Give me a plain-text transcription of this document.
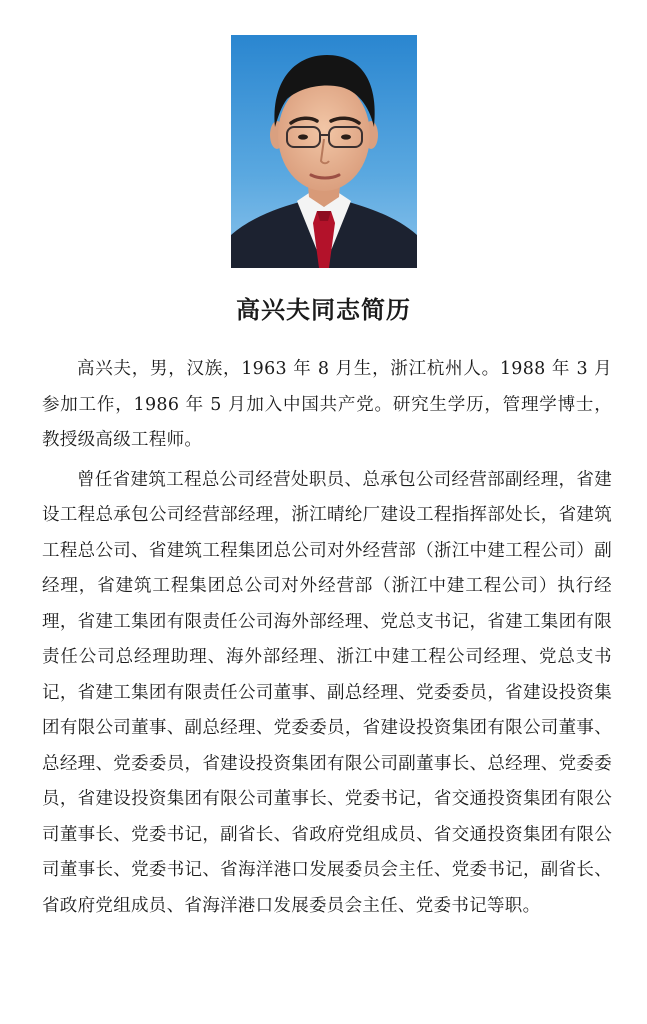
高兴夫同志简历

高兴夫，男，汉族，1963 年 8 月生，浙江杭州人。1988 年 3 月参加工作，1986 年 5 月加入中国共产党。研究生学历，管理学博士，教授级高级工程师。

曾任省建筑工程总公司经营处职员、总承包公司经营部副经理，省建设工程总承包公司经营部经理，浙江晴纶厂建设工程指挥部处长，省建筑工程总公司、省建筑工程集团总公司对外经营部（浙江中建工程公司）副经理，省建筑工程集团总公司对外经营部（浙江中建工程公司）执行经理，省建工集团有限责任公司海外部经理、党总支书记，省建工集团有限责任公司总经理助理、海外部经理、浙江中建工程公司经理、党总支书记，省建工集团有限责任公司董事、副总经理、党委委员，省建设投资集团有限公司董事、副总经理、党委委员，省建设投资集团有限公司董事、总经理、党委委员，省建设投资集团有限公司副董事长、总经理、党委委员，省建设投资集团有限公司董事长、党委书记，省交通投资集团有限公司董事长、党委书记，副省长、省政府党组成员、省交通投资集团有限公司董事长、党委书记、省海洋港口发展委员会主任、党委书记，副省长、省政府党组成员、省海洋港口发展委员会主任、党委书记等职。
